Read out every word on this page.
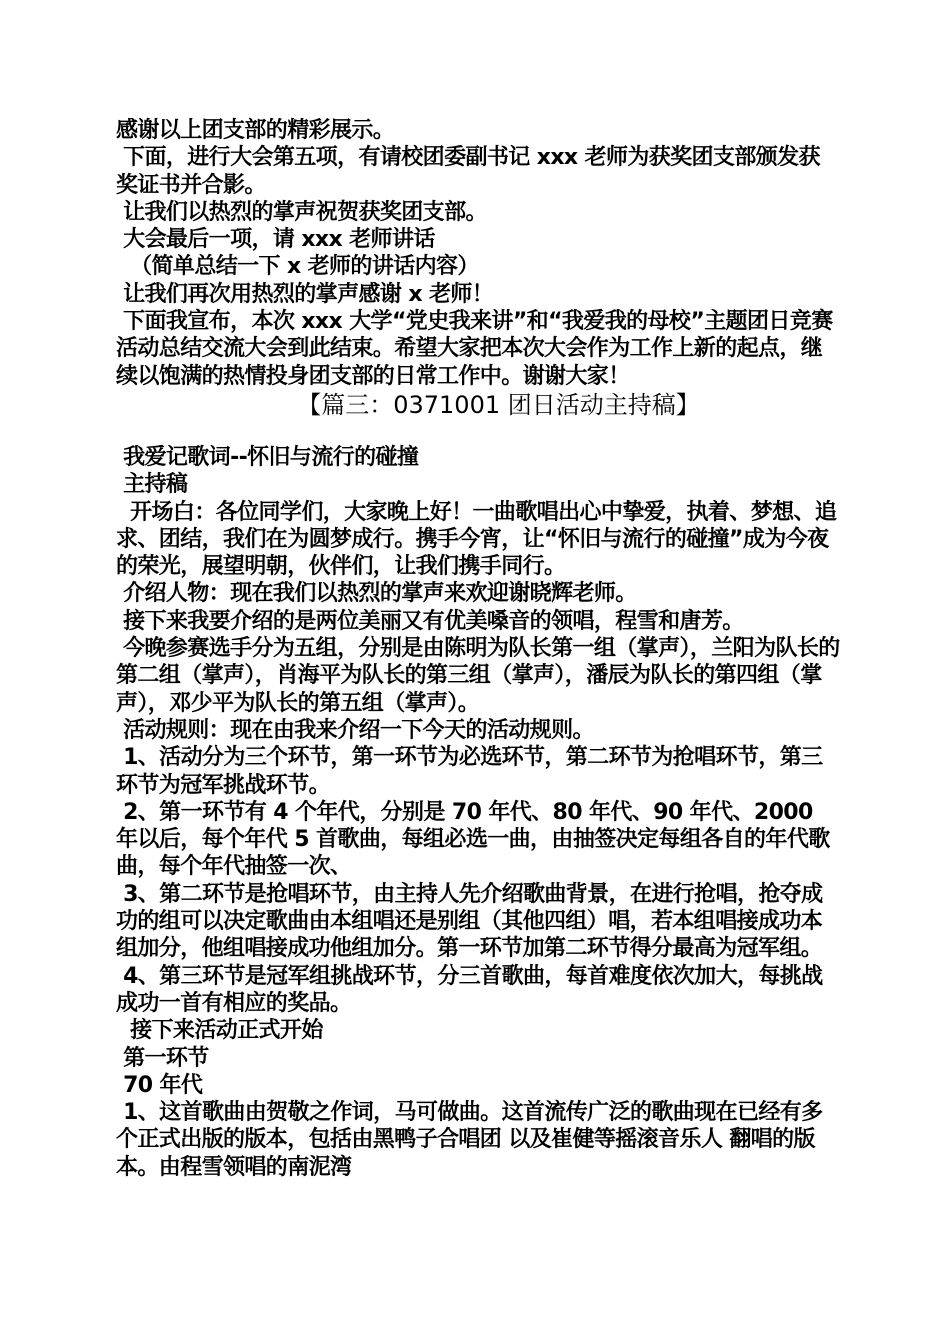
感谢以上团支部的精彩展示。

下面，进行大会第五项，有请校团委副书记 xxx 老师为获奖团支部颁发获奖证书并合影。

让我们以热烈的掌声祝贺获奖团支部。

大会最后一项，请 xxx 老师讲话

（简单总结一下 x 老师的讲话内容）

让我们再次用热烈的掌声感谢 x 老师！

下面我宣布，本次 xxx 大学“党史我来讲”和“我爱我的母校”主题团日竞赛活动总结交流大会到此结束。希望大家把本次大会作为工作上新的起点，继续以饱满的热情投身团支部的日常工作中。谢谢大家！

【篇三：0371001 团日活动主持稿】

我爱记歌词--怀旧与流行的碰撞

主持稿

开场白：各位同学们，大家晚上好！一曲歌唱出心中挚爱，执着、梦想、追求、团结，我们在为圆梦成行。携手今宵，让“怀旧与流行的碰撞”成为今夜的荣光，展望明朝，伙伴们，让我们携手同行。

介绍人物：现在我们以热烈的掌声来欢迎谢晓辉老师。

接下来我要介绍的是两位美丽又有优美嗓音的领唱，程雪和唐芳。

今晚参赛选手分为五组，分别是由陈明为队长第一组（掌声），兰阳为队长的第二组（掌声），肖海平为队长的第三组（掌声），潘辰为队长的第四组（掌声），邓少平为队长的第五组（掌声）。

活动规则：现在由我来介绍一下今天的活动规则。

1、活动分为三个环节，第一环节为必选环节，第二环节为抢唱环节，第三环节为冠军挑战环节。

2、第一环节有 4 个年代，分别是 70 年代、80 年代、90 年代、2000 年以后，每个年代 5 首歌曲，每组必选一曲，由抽签决定每组各自的年代歌曲，每个年代抽签一次、

3、第二环节是抢唱环节，由主持人先介绍歌曲背景，在进行抢唱，抢夺成功的组可以决定歌曲由本组唱还是别组（其他四组）唱，若本组唱接成功本组加分，他组唱接成功他组加分。第一环节加第二环节得分最高为冠军组。

4、第三环节是冠军组挑战环节，分三首歌曲，每首难度依次加大，每挑战成功一首有相应的奖品。

接下来活动正式开始

第一环节

70 年代

1、这首歌曲由贺敬之作词，马可做曲。这首流传广泛的歌曲现在已经有多个正式出版的版本，包括由黑鸭子合唱团 以及崔健等摇滚音乐人 翻唱的版本。由程雪领唱的南泥湾
